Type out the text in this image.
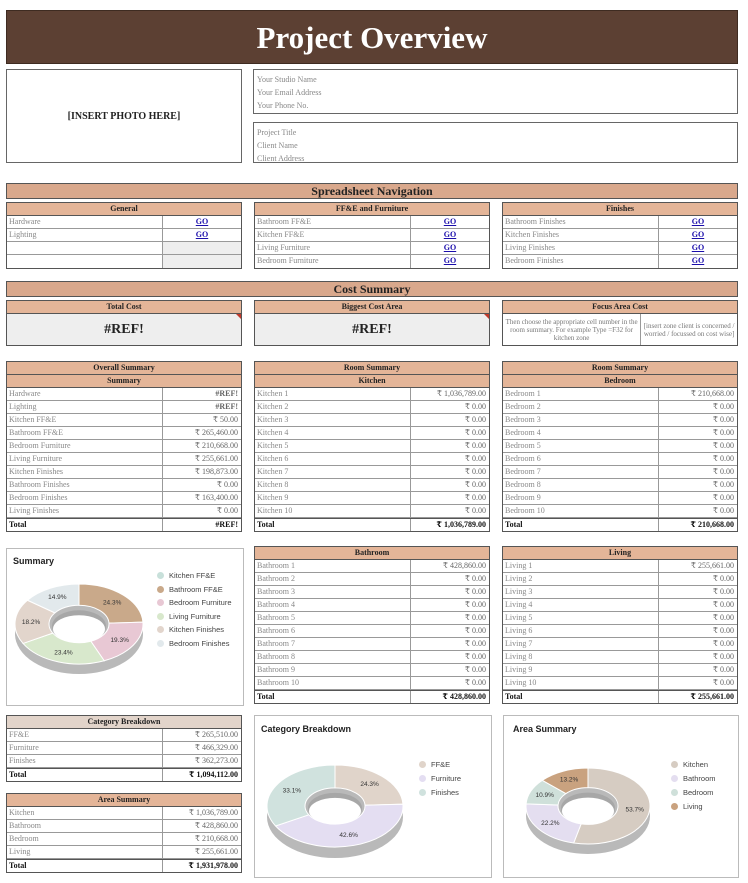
Project Overview
[INSERT PHOTO HERE]
Your Studio Name
Your Email Address
Your Phone No.
Project Title
Client Name
Client Address
Spreadsheet Navigation
General
Hardware	GO
Lighting	GO
FF&E and Furniture
Bathroom FF&E	GO
Kitchen FF&E	GO
Living Furniture	GO
Bedroom Furniture	GO
Finishes
Bathroom Finishes	GO
Kitchen Finishes	GO
Living Finishes	GO
Bedroom Finishes	GO
Cost Summary
Total Cost
#REF!
Biggest Cost Area
#REF!
Focus Area Cost
Then choose the appropriate cell number in the room summary. For example Type =F32 for kitchen zone
[insert zone client is concerned / worried / focussed on cost wise]
Overall Summary
Summary
Hardware	#REF!
Lighting	#REF!
Kitchen FF&E	₹ 50.00
Bathroom FF&E	₹ 265,460.00
Bedroom Furniture	₹ 210,668.00
Living Furniture	₹ 255,661.00
Kitchen Finishes	₹ 198,873.00
Bathroom Finishes	₹ 0.00
Bedroom Finishes	₹ 163,400.00
Living Finishes	₹ 0.00
Total	#REF!
Room Summary
Kitchen
Kitchen 1	₹ 1,036,789.00
Kitchen 2	₹ 0.00
Kitchen 3	₹ 0.00
Kitchen 4	₹ 0.00
Kitchen 5	₹ 0.00
Kitchen 6	₹ 0.00
Kitchen 7	₹ 0.00
Kitchen 8	₹ 0.00
Kitchen 9	₹ 0.00
Kitchen 10	₹ 0.00
Total	₹ 1,036,789.00
Room Summary
Bedroom
Bedroom 1	₹ 210,668.00
Bedroom 2	₹ 0.00
Bedroom 3	₹ 0.00
Bedroom 4	₹ 0.00
Bedroom 5	₹ 0.00
Bedroom 6	₹ 0.00
Bedroom 7	₹ 0.00
Bedroom 8	₹ 0.00
Bedroom 9	₹ 0.00
Bedroom 10	₹ 0.00
Total	₹ 210,668.00
Bathroom
Bathroom 1	₹ 428,860.00
Bathroom 2	₹ 0.00
Bathroom 3	₹ 0.00
Bathroom 4	₹ 0.00
Bathroom 5	₹ 0.00
Bathroom 6	₹ 0.00
Bathroom 7	₹ 0.00
Bathroom 8	₹ 0.00
Bathroom 9	₹ 0.00
Bathroom 10	₹ 0.00
Total	₹ 428,860.00
Living
Living 1	₹ 255,661.00
Living 2	₹ 0.00
Living 3	₹ 0.00
Living 4	₹ 0.00
Living 5	₹ 0.00
Living 6	₹ 0.00
Living 7	₹ 0.00
Living 8	₹ 0.00
Living 9	₹ 0.00
Living 10	₹ 0.00
Total	₹ 255,661.00
Summary
24.3%
19.3%
23.4%
18.2%
14.9%
Kitchen FF&E
Bathroom FF&E
Bedroom Furniture
Living Furniture
Kitchen Finishes
Bedroom Finishes
Category Breakdown
FF&E	₹ 265,510.00
Furniture	₹ 466,329.00
Finishes	₹ 362,273.00
Total	₹ 1,094,112.00
Area Summary
Kitchen	₹ 1,036,789.00
Bathroom	₹ 428,860.00
Bedroom	₹ 210,668.00
Living	₹ 255,661.00
Total	₹ 1,931,978.00
Category Breakdown
24.3%
42.6%
33.1%
FF&E
Furniture
Finishes
Area Summary
53.7%
22.2%
10.9%
13.2%
Kitchen
Bathroom
Bedroom
Living
